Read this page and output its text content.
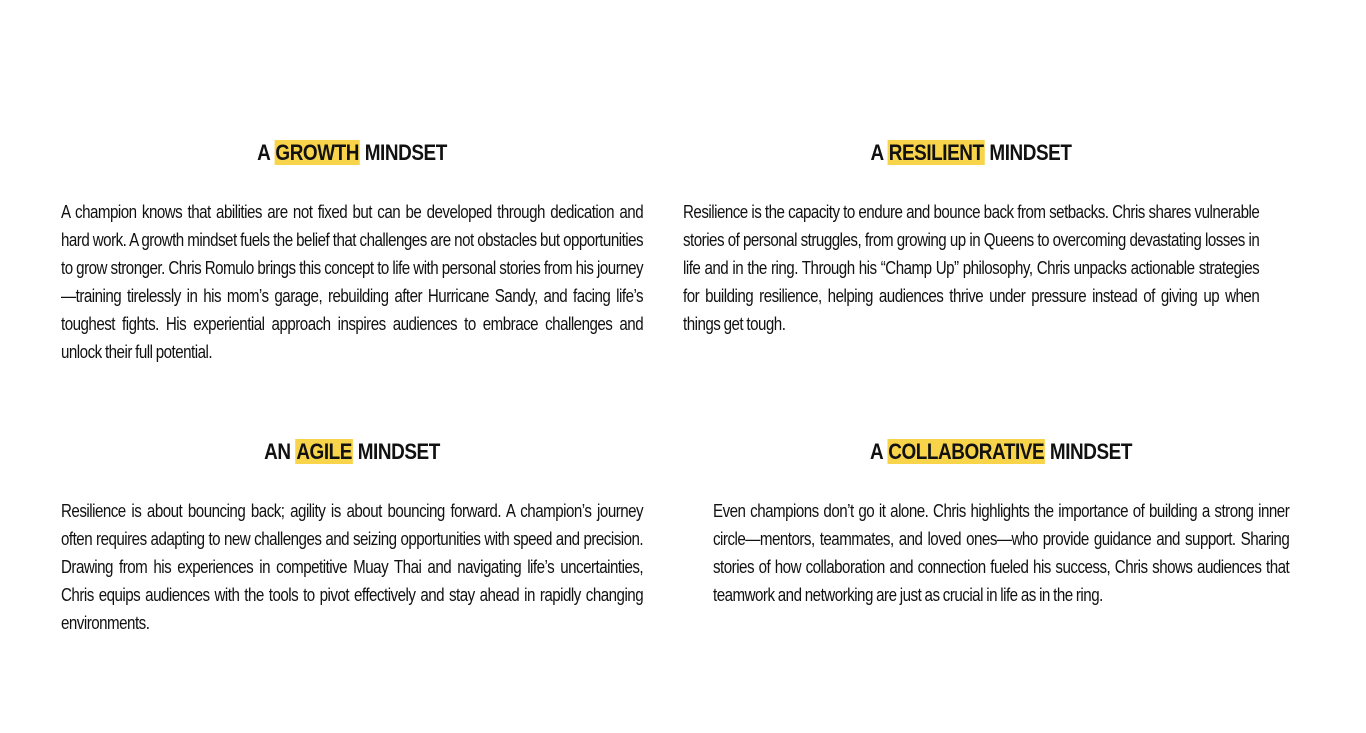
A GROWTH MINDSET
A champion knows that abilities are not fixed but can be developed through dedication and hard work. A growth mindset fuels the belief that challenges are not obstacles but opportunities to grow stronger. Chris Romulo brings this concept to life with personal stories from his journey—training tirelessly in his mom’s garage, rebuilding after Hurricane Sandy, and facing life’s toughest fights. His experiential approach inspires audiences to embrace challenges and unlock their full potential.
A RESILIENT MINDSET
Resilience is the capacity to endure and bounce back from setbacks. Chris shares vulnerable stories of personal struggles, from growing up in Queens to overcoming devastating losses in life and in the ring. Through his “Champ Up” philosophy, Chris unpacks actionable strategies for building resilience, helping audiences thrive under pressure instead of giving up when things get tough.
AN AGILE MINDSET
Resilience is about bouncing back; agility is about bouncing forward. A champion’s journey often requires adapting to new challenges and seizing opportunities with speed and precision. Drawing from his experiences in competitive Muay Thai and navigating life’s uncertainties, Chris equips audiences with the tools to pivot effectively and stay ahead in rapidly changing environments.
A COLLABORATIVE MINDSET
Even champions don’t go it alone. Chris highlights the importance of building a strong inner circle—mentors, teammates, and loved ones—who provide guidance and support. Sharing stories of how collaboration and connection fueled his success, Chris shows audiences that teamwork and networking are just as crucial in life as in the ring.
